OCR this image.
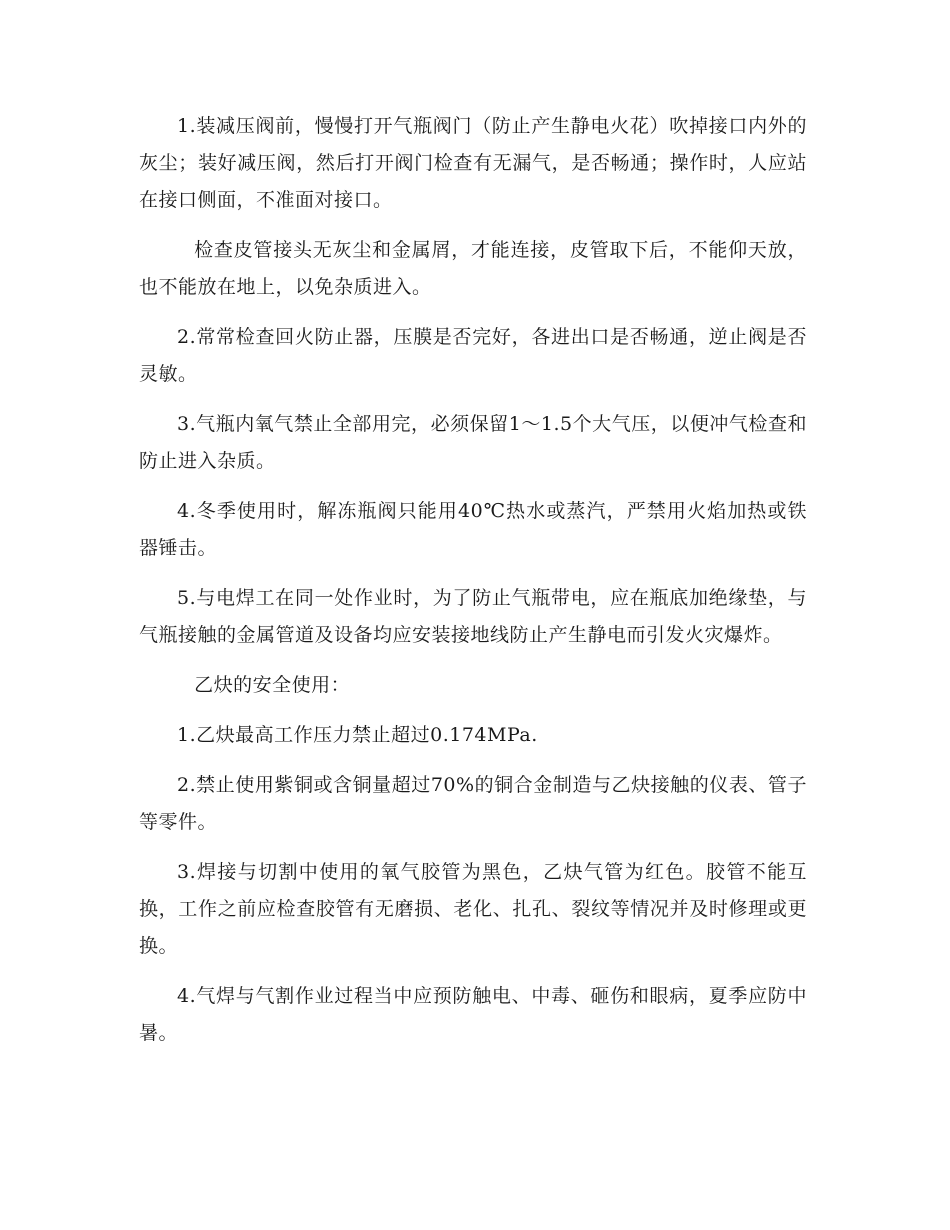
1.装减压阀前，慢慢打开气瓶阀门（防止产生静电火花）吹掉接口内外的灰尘；装好减压阀，然后打开阀门检查有无漏气，是否畅通；操作时，人应站在接口侧面，不准面对接口。

检查皮管接头无灰尘和金属屑，才能连接，皮管取下后，不能仰天放，也不能放在地上，以免杂质进入。

2.常常检查回火防止器，压膜是否完好，各进出口是否畅通，逆止阀是否灵敏。

3.气瓶内氧气禁止全部用完，必须保留1～1.5个大气压，以便冲气检查和防止进入杂质。

4.冬季使用时，解冻瓶阀只能用40℃热水或蒸汽，严禁用火焰加热或铁器锤击。

5.与电焊工在同一处作业时，为了防止气瓶带电，应在瓶底加绝缘垫，与气瓶接触的金属管道及设备均应安装接地线防止产生静电而引发火灾爆炸。

乙炔的安全使用：

1.乙炔最高工作压力禁止超过0.174MPa.

2.禁止使用紫铜或含铜量超过70%的铜合金制造与乙炔接触的仪表、管子等零件。

3.焊接与切割中使用的氧气胶管为黑色，乙炔气管为红色。胶管不能互换，工作之前应检查胶管有无磨损、老化、扎孔、裂纹等情况并及时修理或更换。

4.气焊与气割作业过程当中应预防触电、中毒、砸伤和眼病，夏季应防中暑。
